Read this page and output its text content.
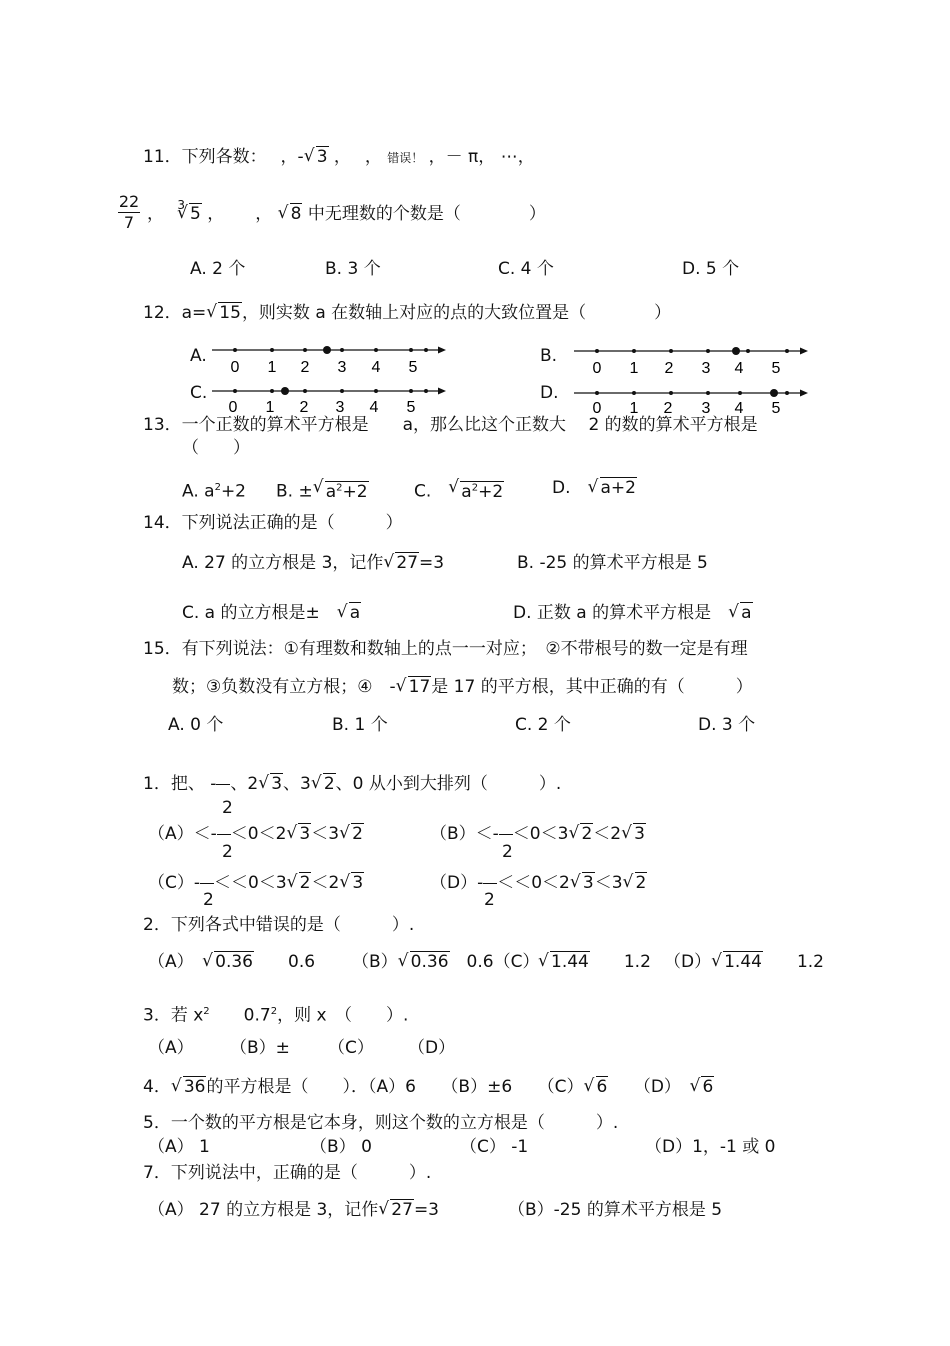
11．下列各数：　 ，- √ 3 ，　 ， 错误！ ，－ π， ⋯，
$\frac{22}{7}$ ， $^3$ √ 5 ，　　 ， √ 8 中无理数的个数是（　　　　）
A. 2 个	B. 3 个	C. 4 个	D. 5 个
12．a= √ 15，则实数 a 在数轴上对应的点的大致位置是（　　　　）
A.	B.
C.	D.
0 1 2 3 4 5	0 1 2 3 4 5
0 1 2 3 4 5	0 1 2 3 4 5
13．一个正数的算术平方根是　　a，那么比这个正数大　 2 的数的算术平方根是
（　　）
A. $a^2+2$ B. ± √ $a^2+2$	C.　 √ $a^2+2$	D.　 √ a+2
14．下列说法正确的是（　　　）
A. 27 的立方根是 3，记作 √ 27=3	B. -25 的算术平方根是 5
C. a 的立方根是±　 √ a	D. 正数 a 的算术平方根是　 √ a
15．有下列说法：①有理数和数轴上的点一一对应；　②不带根号的数一定是有理
数；③负数没有立方根；④　- √ 17是 17 的平方根，其中正确的有（　　　）
A. 0 个	B. 1 个	C. 2 个	D. 3 个
1．把、 - 、2 √ 3、3 √ 2、0 从小到大排列（　　　）.
2
（A）＜- ＜0＜2 √ 3＜3 √ 2
2
（B）＜- ＜0＜3 √ 2＜2 √ 3
2
（C）- ＜＜0＜3 √ 2＜2 √ 3
2
（D）- ＜＜0＜2 √ 3＜3 √ 2
2
2．下列各式中错误的是（　　　）.
（A）　 √ 0.36　　 0.6 （B） √ 0.36　 0.6（C） √ 1.44　　 1.2 （D） √ 1.44　　 1.2
3．若 $x^2$　　 $0.7^2$，则 x　（　　）.
（A） （B）± （C） （D）
4． √ 36的平方根是（　　）．（A）6　　（B）±6　　（C） √ 6　　 （D）　 √ 6
5．一个数的平方根是它本身，则这个数的立方根是（　　　）.
（A） 1	（B） 0	（C） -1	（D）1，-1 或 0
7．下列说法中，正确的是（　　　）.
（A） 27 的立方根是 3，记作 √ 27=3	（B）-25 的算术平方根是 5
